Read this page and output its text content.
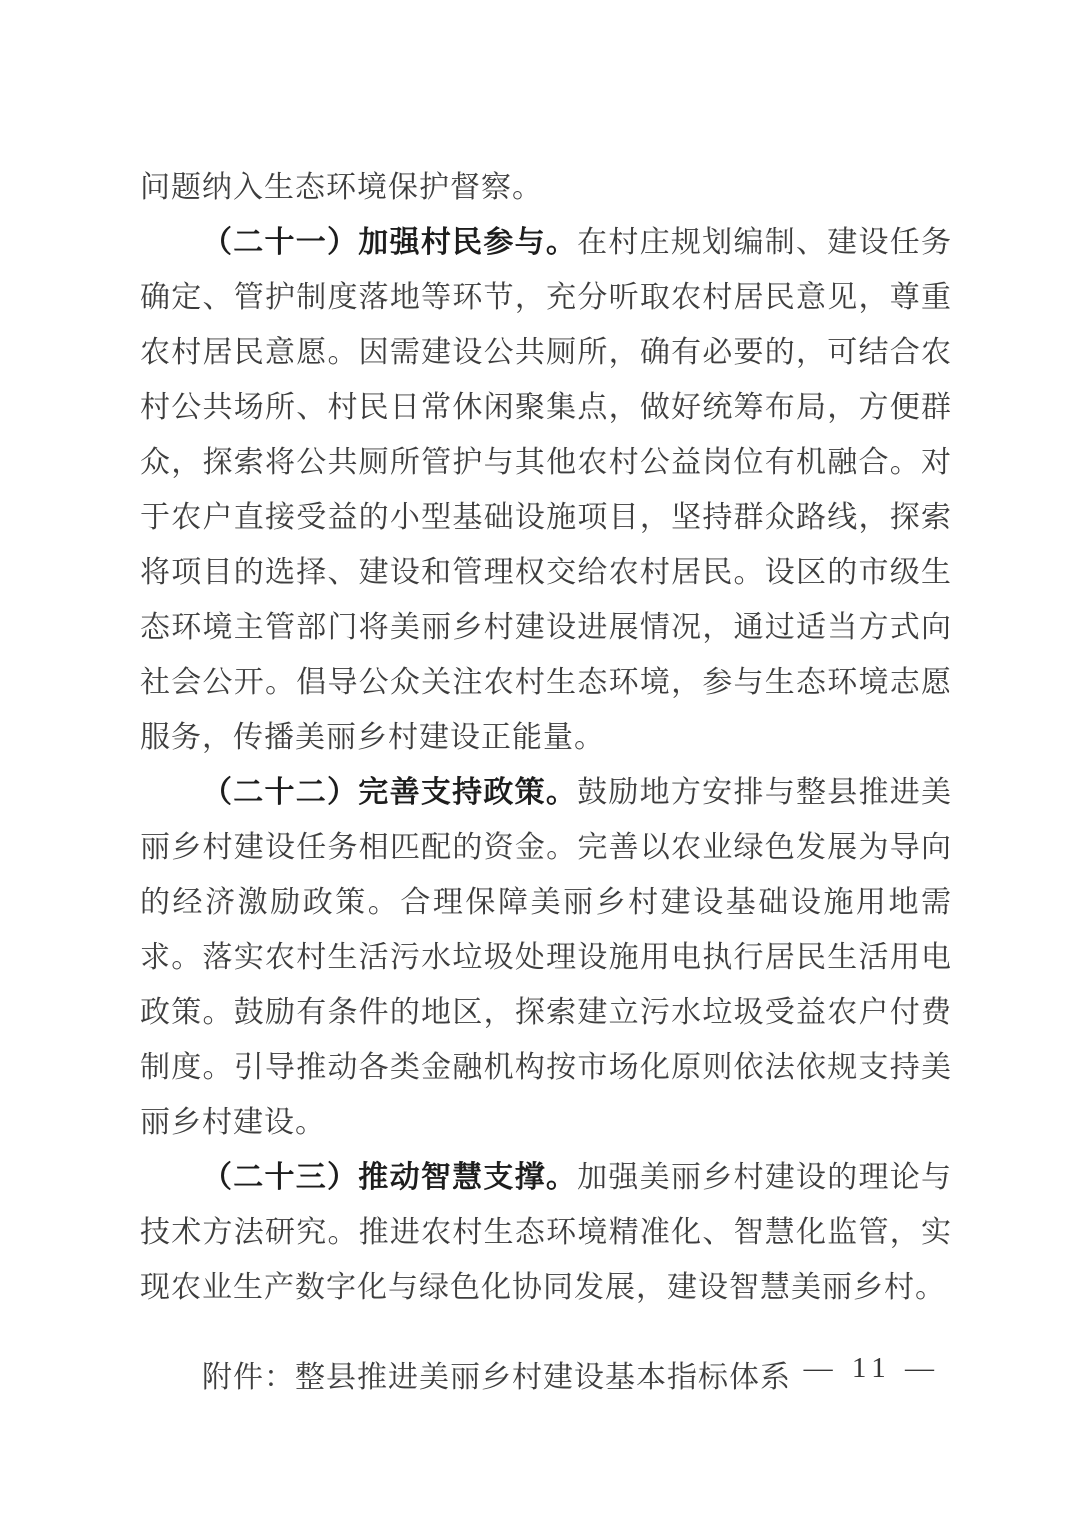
问题纳入生态环境保护督察。

（二十一）加强村民参与。在村庄规划编制、建设任务确定、管护制度落地等环节，充分听取农村居民意见，尊重农村居民意愿。因需建设公共厕所，确有必要的，可结合农村公共场所、村民日常休闲聚集点，做好统筹布局，方便群众，探索将公共厕所管护与其他农村公益岗位有机融合。对于农户直接受益的小型基础设施项目，坚持群众路线，探索将项目的选择、建设和管理权交给农村居民。设区的市级生态环境主管部门将美丽乡村建设进展情况，通过适当方式向社会公开。倡导公众关注农村生态环境，参与生态环境志愿服务，传播美丽乡村建设正能量。

（二十二）完善支持政策。鼓励地方安排与整县推进美丽乡村建设任务相匹配的资金。完善以农业绿色发展为导向的经济激励政策。合理保障美丽乡村建设基础设施用地需求。落实农村生活污水垃圾处理设施用电执行居民生活用电政策。鼓励有条件的地区，探索建立污水垃圾受益农户付费制度。引导推动各类金融机构按市场化原则依法依规支持美丽乡村建设。

（二十三）推动智慧支撑。加强美丽乡村建设的理论与技术方法研究。推进农村生态环境精准化、智慧化监管，实现农业生产数字化与绿色化协同发展，建设智慧美丽乡村。

附件：整县推进美丽乡村建设基本指标体系 — 11 —
